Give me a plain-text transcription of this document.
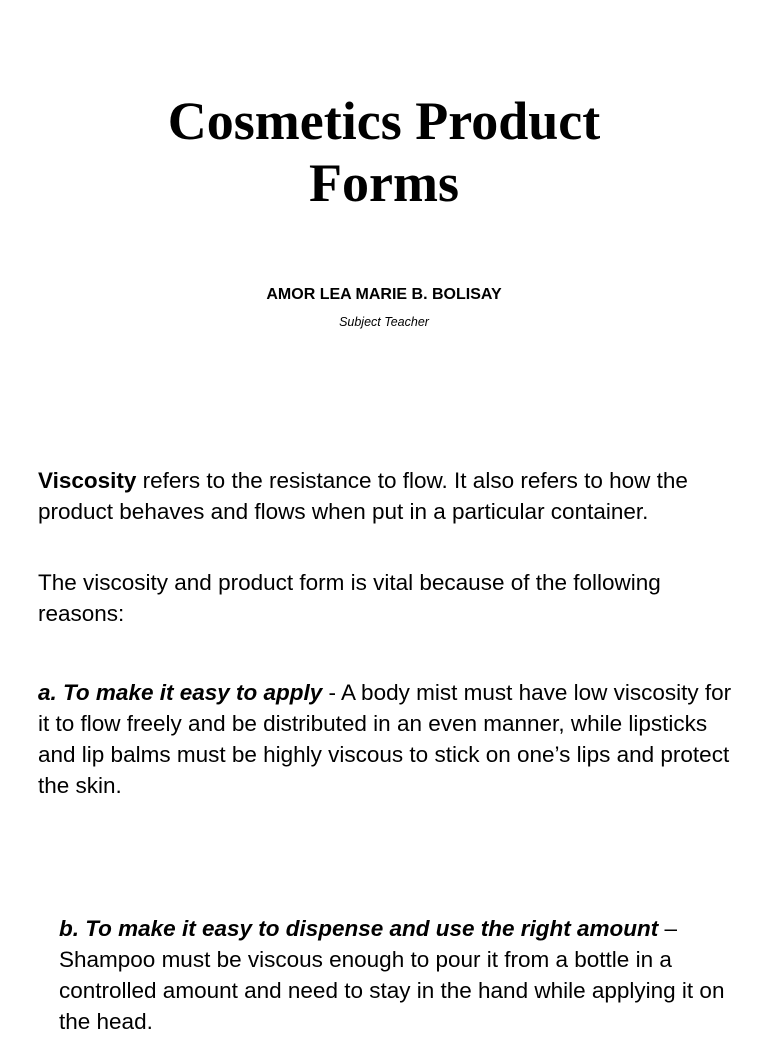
Cosmetics Product
Forms
AMOR LEA MARIE B. BOLISAY
Subject Teacher

Viscosity refers to the resistance to flow. It also refers to how the product behaves and flows when put in a particular container.

The viscosity and product form is vital because of the following reasons:

a. To make it easy to apply - A body mist must have low viscosity for it to flow freely and be distributed in an even manner, while lipsticks and lip balms must be highly viscous to stick on one’s lips and protect the skin.

b. To make it easy to dispense and use the right amount – Shampoo must be viscous enough to pour it from a bottle in a controlled amount and need to stay in the hand while applying it on the head.
